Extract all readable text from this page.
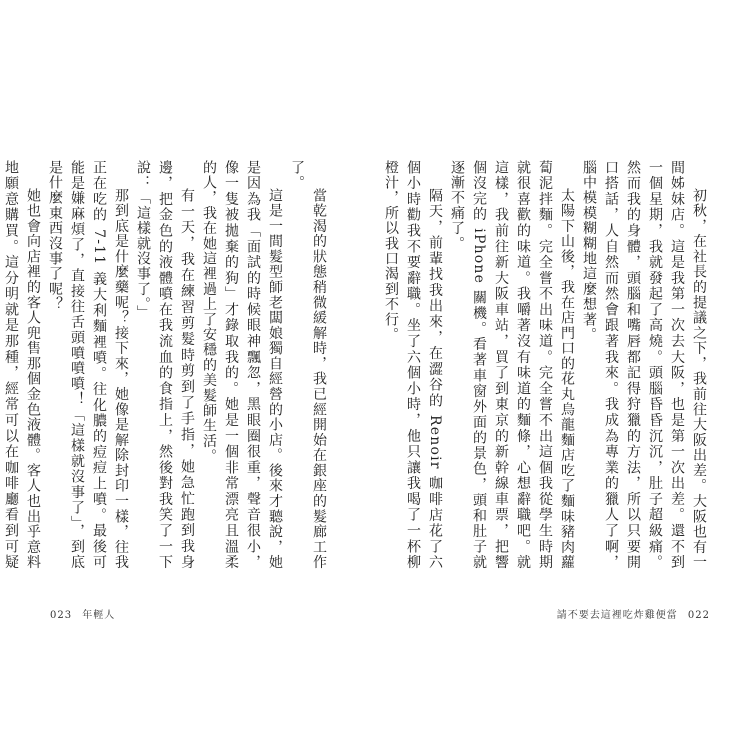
當乾渴的狀態稍微緩解時，我已經開始在銀座的髮廊工作了。

這是一間髮型師老闆娘獨自經營的小店。後來才聽說，她是因為我「面試的時候眼神飄忽，黑眼圈很重，聲音很小，像一隻被拋棄的狗」才錄取我的。她是一個非常漂亮且溫柔的人，我在她這裡過上了安穩的美髮師生活。

有一天，我在練習剪髮時剪到了手指，她急忙跑到我身邊，把金色的液體噴在我流血的食指上，然後對我笑了一下說：「這樣就沒事了。」

那到底是什麼藥呢？接下來，她像是解除封印一樣，往我正在吃的 7-11 義大利麵裡噴。往化膿的痘痘上噴。最後可能是嫌麻煩了，直接往舌頭噴噴噴！「這樣就沒事了」，到底是什麼東西沒事了呢？

她也會向店裡的客人兜售那個金色液體。客人也出乎意料地願意購買。這分明就是那種，經常可以在咖啡廳看到可疑

023 年輕人

初秋，在社長的提議之下，我前往大阪出差。大阪也有一間姊妹店。這是我第一次去大阪，也是第一次出差。還不到一個星期，我就發起了高燒。頭腦昏昏沉沉，肚子超級痛。然而我的身體，頭腦和嘴唇都記得狩獵的方法，所以只要開口搭話，人自然而然會跟著我來。我成為專業的獵人了啊，腦中模模糊糊地這麼想著。

太陽下山後，我在店門口的花丸烏龍麵店吃了麵味豬肉蘿蔔泥拌麵。完全嘗不出味道。完全嘗不出這個我從學生時期就很喜歡的味道。我嚼著沒有味道的麵條，心想辭職吧。就這樣，我前往新大阪車站，買了到東京的新幹線車票，把響個沒完的 iPhone 關機。看著車窗外面的景色，頭和肚子就逐漸不痛了。

隔天，前輩找我出來，在澀谷的 Renoir 咖啡店花了六個小時勸我不要辭職。坐了六個小時，他只讓我喝了一杯柳橙汁，所以我口渴到不行。

請不要去這裡吃炸雞便當 022
